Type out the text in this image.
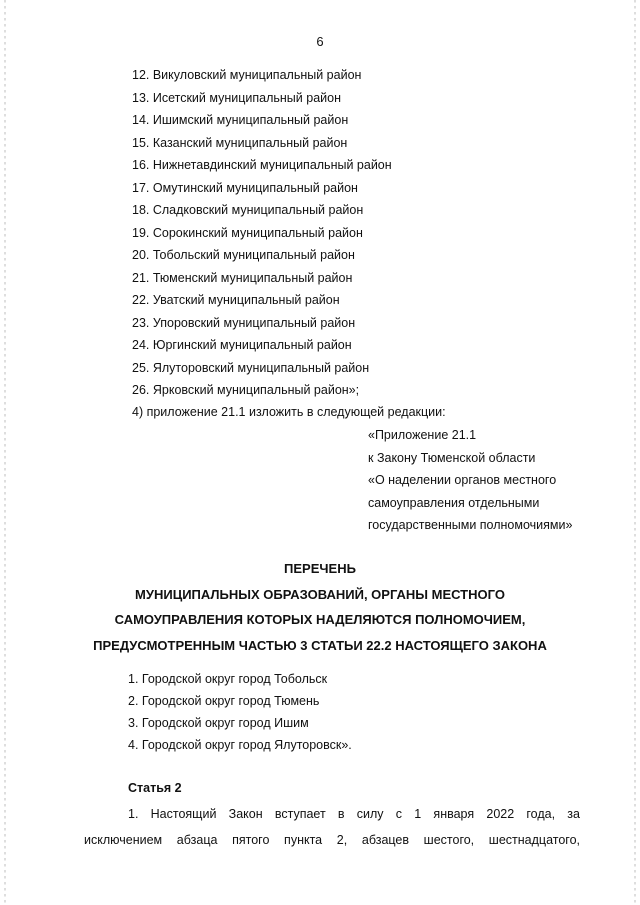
6
12. Викуловский муниципальный район
13. Исетский муниципальный район
14. Ишимский муниципальный район
15. Казанский муниципальный район
16. Нижнетавдинский муниципальный район
17. Омутинский муниципальный район
18. Сладковский муниципальный район
19. Сорокинский муниципальный район
20. Тобольский муниципальный район
21. Тюменский муниципальный район
22. Уватский муниципальный район
23. Упоровский муниципальный район
24. Юргинский муниципальный район
25. Ялуторовский муниципальный район
26. Ярковский муниципальный район»;
4) приложение 21.1 изложить в следующей редакции:
«Приложение 21.1
к Закону Тюменской области
«О наделении органов местного
самоуправления отдельными
государственными полномочиями»
ПЕРЕЧЕНЬ
МУНИЦИПАЛЬНЫХ ОБРАЗОВАНИЙ, ОРГАНЫ МЕСТНОГО
САМОУПРАВЛЕНИЯ КОТОРЫХ НАДЕЛЯЮТСЯ ПОЛНОМОЧИЕМ,
ПРЕДУСМОТРЕННЫМ ЧАСТЬЮ 3 СТАТЬИ 22.2 НАСТОЯЩЕГО ЗАКОНА
1. Городской округ город Тобольск
2. Городской округ город Тюмень
3. Городской округ город Ишим
4. Городской округ город Ялуторовск».
Статья 2
1. Настоящий Закон вступает в силу с 1 января 2022 года, за
исключением абзаца пятого пункта 2, абзацев шестого, шестнадцатого,
